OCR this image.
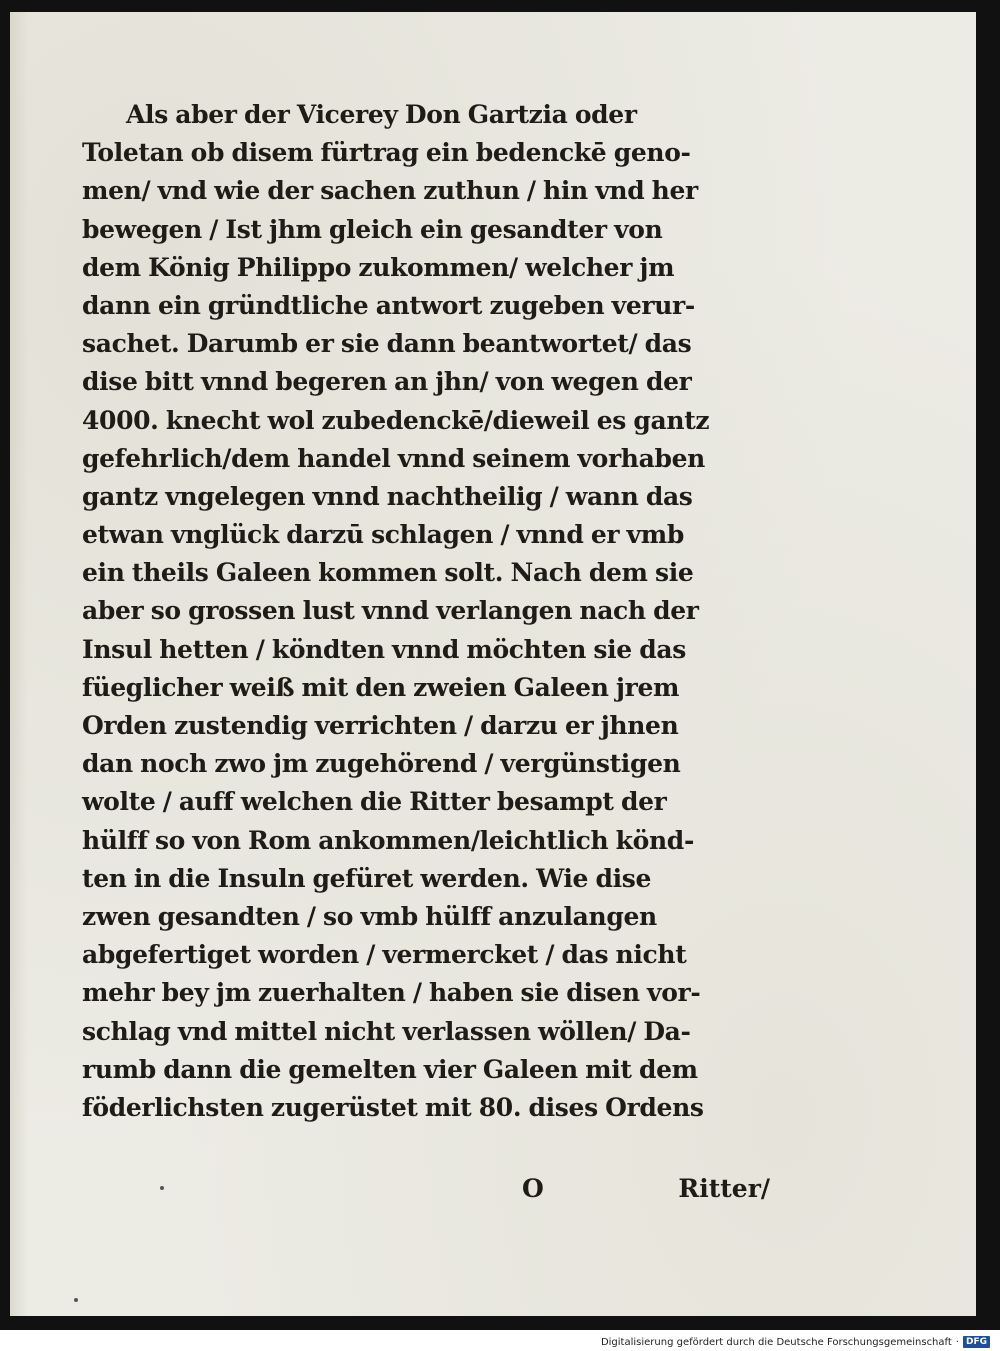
Als aber der Vicerey Don Gartzia oder
Toletan ob disem fürtrag ein bedenckē geno-
men/ vnd wie der sachen zuthun / hin vnd her
bewegen / Ist jhm gleich ein gesandter von
dem König Philippo zukommen/ welcher jm
dann ein gründtliche antwort zugeben verur-
sachet. Darumb er sie dann beantwortet/ das
dise bitt vnnd begeren an jhn/ von wegen der
4000. knecht wol zubedenckē/dieweil es gantz
gefehrlich/dem handel vnnd seinem vorhaben
gantz vngelegen vnnd nachtheilig / wann das
etwan vnglück darzū schlagen / vnnd er vmb
ein theils Galeen kommen solt. Nach dem sie
aber so grossen lust vnnd verlangen nach der
Insul hetten / köndten vnnd möchten sie das
füeglicher weiß mit den zweien Galeen jrem
Orden zustendig verrichten / darzu er jhnen
dan noch zwo jm zugehörend / vergünstigen
wolte / auff welchen die Ritter besampt der
hülff so von Rom ankommen/leichtlich könd-
ten in die Insuln gefüret werden. Wie dise
zwen gesandten / so vmb hülff anzulangen
abgefertiget worden / vermercket / das nicht
mehr bey jm zuerhalten / haben sie disen vor-
schlag vnd mittel nicht verlassen wöllen/ Da-
rumb dann die gemelten vier Galeen mit dem
föderlichsten zugerüstet mit 80. dises Ordens
O	Ritter/
Digitalisierung gefördert durch die Deutsche Forschungsgemeinschaft · DFG
